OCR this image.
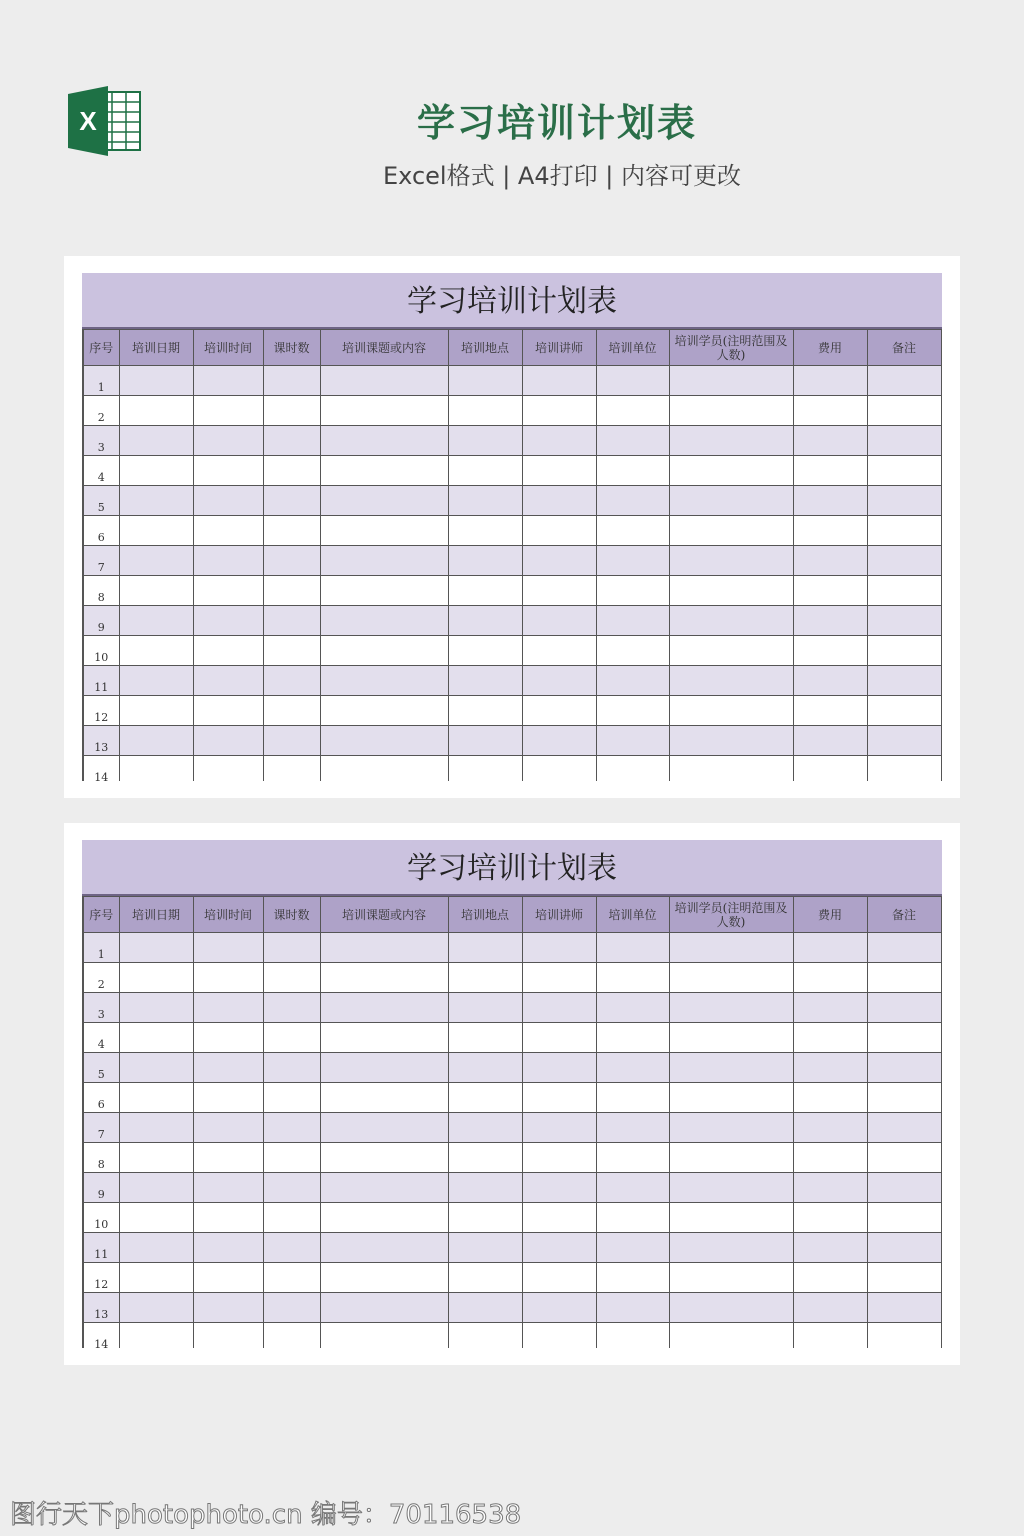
X	学习培训计划表
Excel格式 | A4打印 | 内容可更改
学习培训计划表
序号	培训日期	培训时间	课时数	培训课题或内容	培训地点	培训讲师	培训单位	培训学员(注明范围及人数)	费用	备注
1										
2										
3										
4										
5										
6										
7										
8										
9										
10										
11										
12										
13										
14										
学习培训计划表
序号	培训日期	培训时间	课时数	培训课题或内容	培训地点	培训讲师	培训单位	培训学员(注明范围及人数)	费用	备注
1										
2										
3										
4										
5										
6										
7										
8										
9										
10										
11										
12										
13										
14										
图行天下photophoto.cn 编号：70116538
